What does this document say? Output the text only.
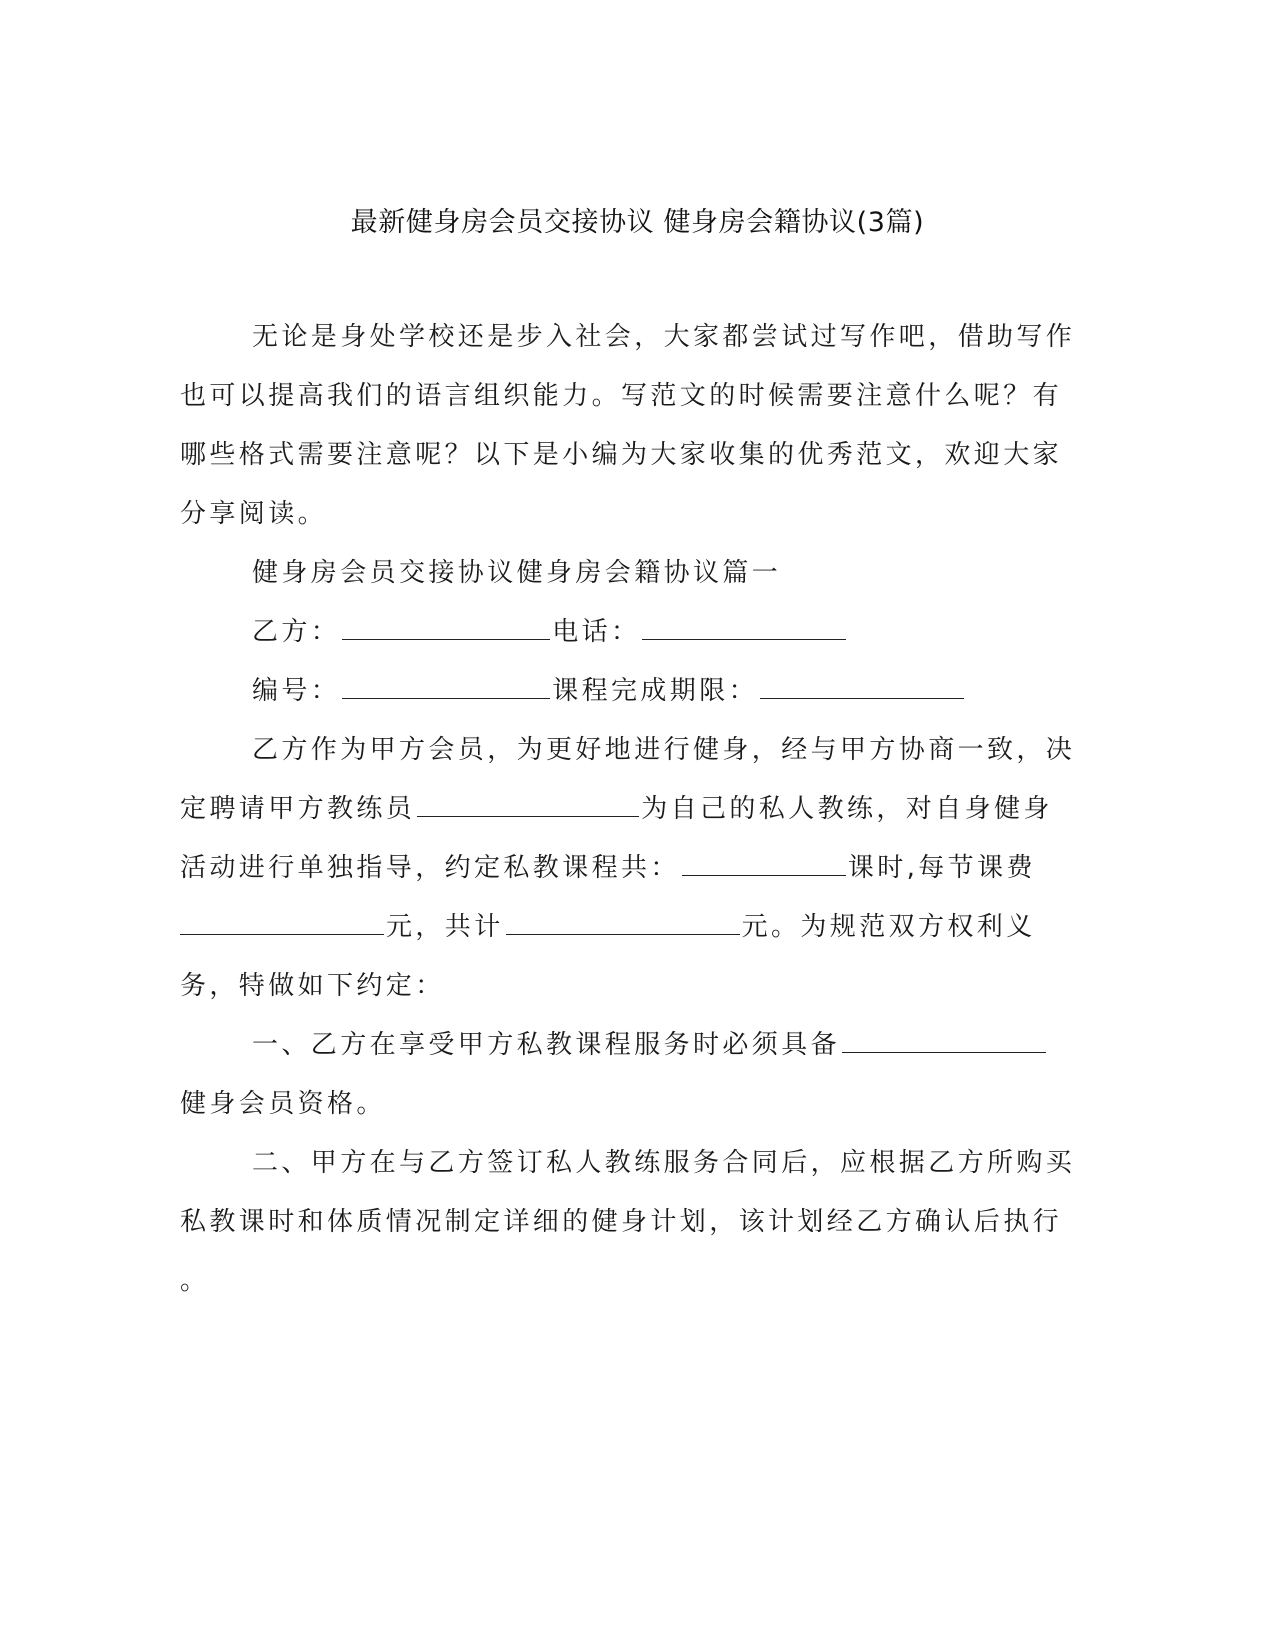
最新健身房会员交接协议 健身房会籍协议(3篇)
无论是身处学校还是步入社会，大家都尝试过写作吧，借助写作
也可以提高我们的语言组织能力。写范文的时候需要注意什么呢？有
哪些格式需要注意呢？以下是小编为大家收集的优秀范文，欢迎大家
分享阅读。
健身房会员交接协议健身房会籍协议篇一
乙方：	电话：
编号：	课程完成期限：
乙方作为甲方会员，为更好地进行健身，经与甲方协商一致，决
定聘请甲方教练员	为自己的私人教练，对自身健身
活动进行单独指导，约定私教课程共：	课时,每节课费
元，共计	元。为规范双方权利义
务，特做如下约定：
一、乙方在享受甲方私教课程服务时必须具备
健身会员资格。
二、甲方在与乙方签订私人教练服务合同后，应根据乙方所购买
私教课时和体质情况制定详细的健身计划，该计划经乙方确认后执行
。
